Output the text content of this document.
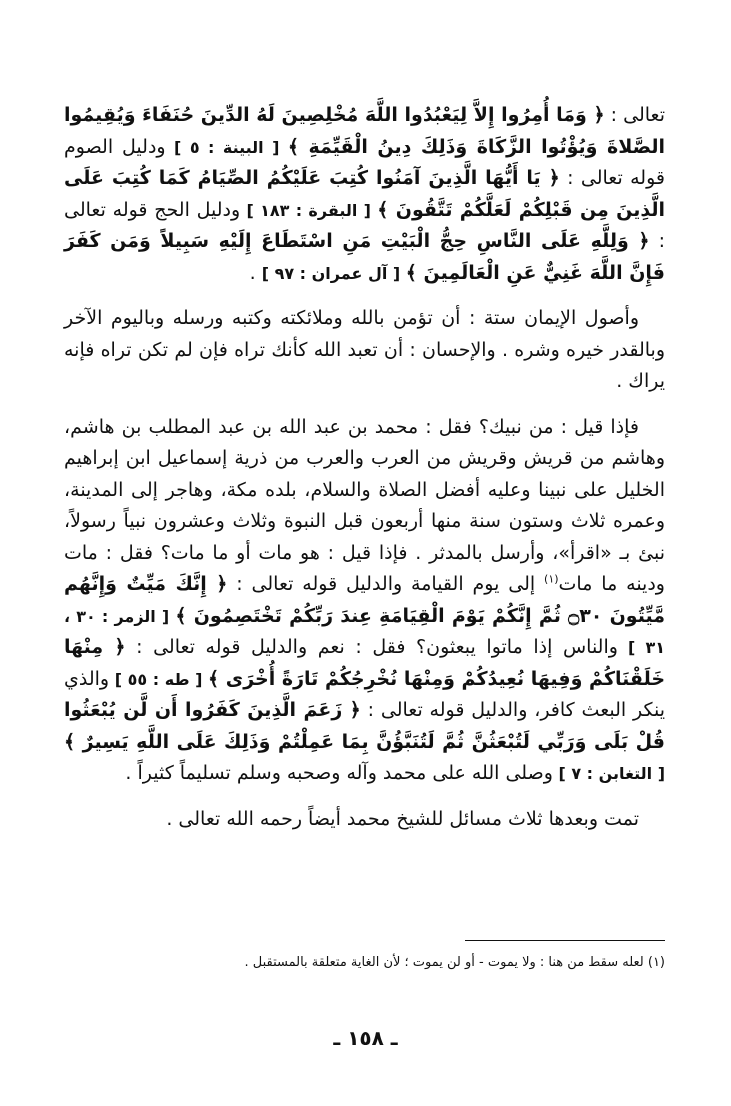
تعالى : ﴿ وَمَا أُمِرُوا إِلاَّ لِيَعْبُدُوا اللَّهَ مُخْلِصِينَ لَهُ الدِّينَ حُنَفَاءَ وَيُقِيمُوا الصَّلاةَ وَيُؤْتُوا الزَّكَاةَ وَذَلِكَ دِينُ الْقَيِّمَةِ ﴾ [ البينة : ٥ ] ودليل الصوم قوله تعالى : ﴿ يَا أَيُّهَا الَّذِينَ آمَنُوا كُتِبَ عَلَيْكُمُ الصِّيَامُ كَمَا كُتِبَ عَلَى الَّذِينَ مِن قَبْلِكُمْ لَعَلَّكُمْ تَتَّقُونَ ﴾ [ البقرة : ١٨٣ ] ودليل الحج قوله تعالى : ﴿ وَلِلَّهِ عَلَى النَّاسِ حِجُّ الْبَيْتِ مَنِ اسْتَطَاعَ إِلَيْهِ سَبِيلاً وَمَن كَفَرَ فَإِنَّ اللَّهَ غَنِيٌّ عَنِ الْعَالَمِينَ ﴾ [ آل عمران : ٩٧ ] .

وأصول الإيمان ستة : أن تؤمن بالله وملائكته وكتبه ورسله وباليوم الآخر وبالقدر خيره وشره . والإحسان : أن تعبد الله كأنك تراه فإن لم تكن تراه فإنه يراك .

فإذا قيل : من نبيك؟ فقل : محمد بن عبد الله بن عبد المطلب بن هاشم، وهاشم من قريش وقريش من العرب والعرب من ذرية إسماعيل ابن إبراهيم الخليل على نبينا وعليه أفضل الصلاة والسلام، بلده مكة، وهاجر إلى المدينة، وعمره ثلاث وستون سنة منها أربعون قبل النبوة وثلاث وعشرون نبياً رسولاً، نبئ بـ «اقرأ»، وأرسل بالمدثر . فإذا قيل : هو مات أو ما مات؟ فقل : مات ودينه ما مات$^{(١)}$ إلى يوم القيامة والدليل قوله تعالى : ﴿ إِنَّكَ مَيِّتٌ وَإِنَّهُم مَّيِّتُونَ ۝٣٠ ثُمَّ إِنَّكُمْ يَوْمَ الْقِيَامَةِ عِندَ رَبِّكُمْ تَخْتَصِمُونَ ﴾ [ الزمر : ٣٠ ، ٣١ ] والناس إذا ماتوا يبعثون؟ فقل : نعم والدليل قوله تعالى : ﴿ مِنْهَا خَلَقْنَاكُمْ وَفِيهَا نُعِيدُكُمْ وَمِنْهَا نُخْرِجُكُمْ تَارَةً أُخْرَى ﴾ [ طه : ٥٥ ] والذي ينكر البعث كافر، والدليل قوله تعالى : ﴿ زَعَمَ الَّذِينَ كَفَرُوا أَن لَّن يُبْعَثُوا قُلْ بَلَى وَرَبِّي لَتُبْعَثُنَّ ثُمَّ لَتُنَبَّؤُنَّ بِمَا عَمِلْتُمْ وَذَلِكَ عَلَى اللَّهِ يَسِيرٌ ﴾ [ التغابن : ٧ ] وصلى الله على محمد وآله وصحبه وسلم تسليماً كثيراً .

تمت وبعدها ثلاث مسائل للشيخ محمد أيضاً رحمه الله تعالى .

(١) لعله سقط من هنا : ولا يموت - أو لن يموت ؛ لأن الغاية متعلقة بالمستقبل .

ـ ١٥٨ ـ
